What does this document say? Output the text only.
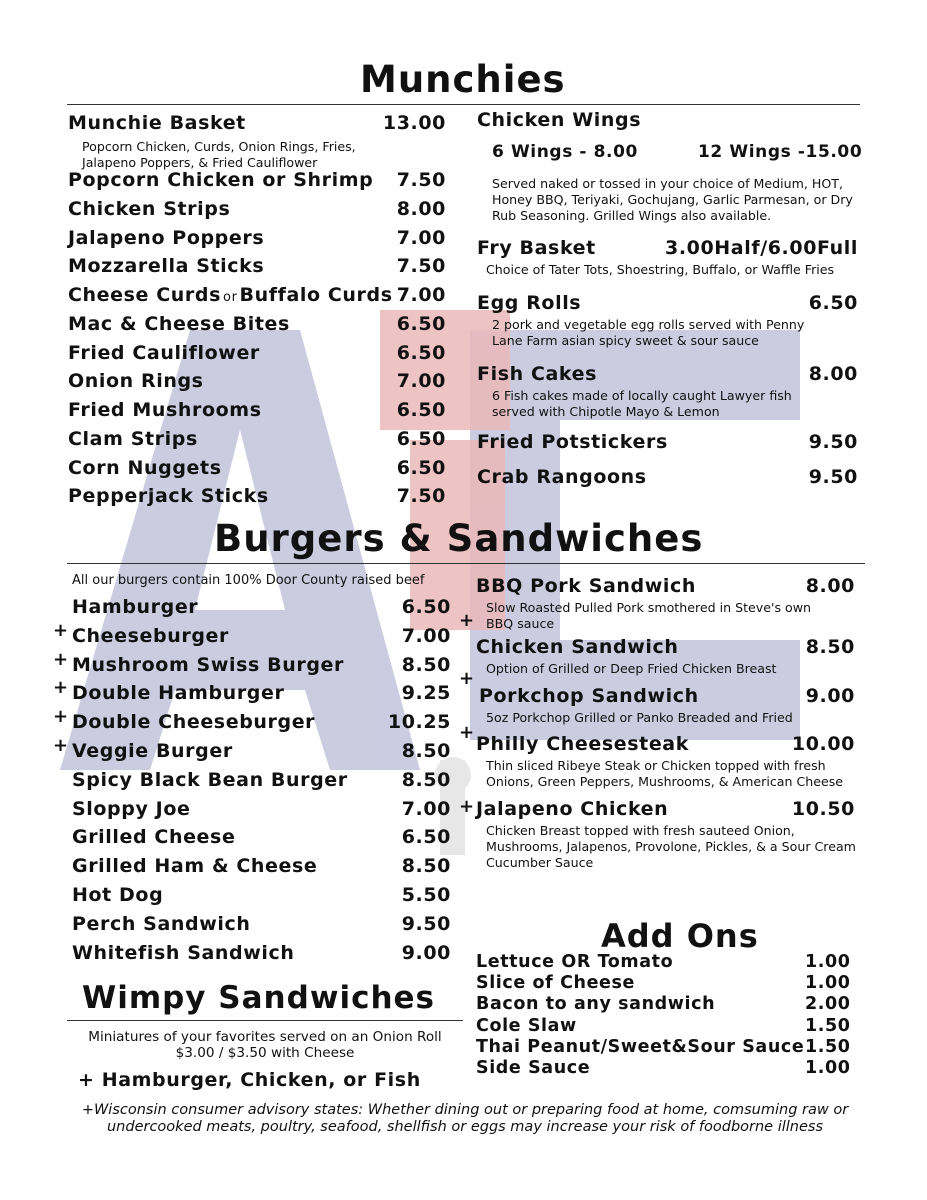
Munchies
Munchie Basket	13.00
Popcorn Chicken or Shrimp 7.50
Chicken Strips	8.00
Jalapeno Poppers	7.00
Mozzarella Sticks	7.50
Cheese Curds or Buffalo Curds 7.00
Mac & Cheese Bites	6.50
Fried Cauliflower	6.50
Onion Rings	7.00
Fried Mushrooms	6.50
Clam Strips	6.50
Corn Nuggets	6.50
Pepperjack Sticks	7.50
Popcorn Chicken, Curds, Onion Rings, Fries,
Jalapeno Poppers, & Fried Cauliflower
Chicken Wings
6 Wings - 8.00	12 Wings -15.00
Served naked or tossed in your choice of Medium, HOT,
Honey BBQ, Teriyaki, Gochujang, Garlic Parmesan, or Dry
Rub Seasoning. Grilled Wings also available.
Fry Basket	3.00Half/6.00Full
Choice of Tater Tots, Shoestring, Buffalo, or Waffle Fries
Egg Rolls	6.50
2 pork and vegetable egg rolls served with Penny
Lane Farm asian spicy sweet & sour sauce
Fish Cakes	8.00
6 Fish cakes made of locally caught Lawyer fish
served with Chipotle Mayo & Lemon
Fried Potstickers	9.50
Crab Rangoons	9.50
Burgers & Sandwiches
All our burgers contain 100% Door County raised beef
Hamburger	6.50
+ Cheeseburger	7.00
+ Mushroom Swiss Burger	8.50
+ Double Hamburger	9.25
+ Double Cheeseburger	10.25
+ Veggie Burger	8.50
Spicy Black Bean Burger	8.50
Sloppy Joe	7.00
Grilled Cheese	6.50
Grilled Ham & Cheese	8.50
Hot Dog	5.50
Perch Sandwich	9.50
Whitefish Sandwich	9.00
+
+
+
+
BBQ Pork Sandwich	8.00
Slow Roasted Pulled Pork smothered in Steve's own
BBQ sauce
Chicken Sandwich	8.50
Option of Grilled or Deep Fried Chicken Breast
Porkchop Sandwich	9.00
5oz Porkchop Grilled or Panko Breaded and Fried
Philly Cheesesteak	10.00
Thin sliced Ribeye Steak or Chicken topped with fresh
Onions, Green Peppers, Mushrooms, & American Cheese
Jalapeno Chicken	10.50
Chicken Breast topped with fresh sauteed Onion,
Mushrooms, Jalapenos, Provolone, Pickles, & a Sour Cream
Cucumber Sauce
Wimpy Sandwiches
Miniatures of your favorites served on an Onion Roll
$3.00 / $3.50 with Cheese
+ Hamburger, Chicken, or Fish
Add Ons
Lettuce OR Tomato	1.00
Slice of Cheese	1.00
Bacon to any sandwich	2.00
Cole Slaw	1.50
Thai Peanut/Sweet&Sour Sauce 1.50
Side Sauce	1.00
+Wisconsin consumer advisory states: Whether dining out or preparing food at home, comsuming raw or
undercooked meats, poultry, seafood, shellfish or eggs may increase your risk of foodborne illness
